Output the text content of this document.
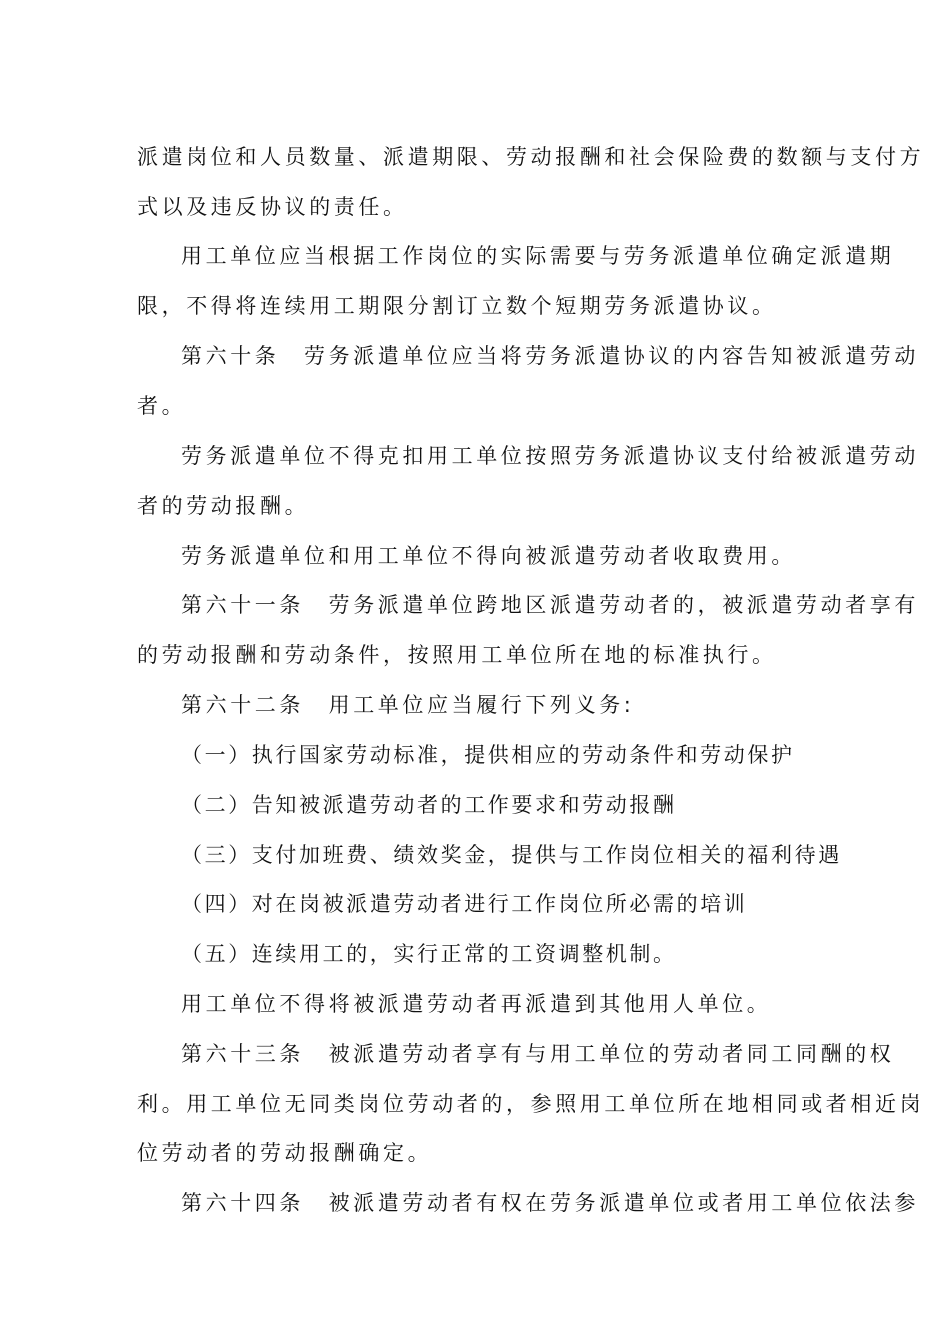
派遣岗位和人员数量、派遣期限、劳动报酬和社会保险费的数额与支付方
式以及违反协议的责任。
用工单位应当根据工作岗位的实际需要与劳务派遣单位确定派遣期
限，不得将连续用工期限分割订立数个短期劳务派遣协议。
第六十条　劳务派遣单位应当将劳务派遣协议的内容告知被派遣劳动
者。
劳务派遣单位不得克扣用工单位按照劳务派遣协议支付给被派遣劳动
者的劳动报酬。
劳务派遣单位和用工单位不得向被派遣劳动者收取费用。
第六十一条　劳务派遣单位跨地区派遣劳动者的，被派遣劳动者享有
的劳动报酬和劳动条件，按照用工单位所在地的标准执行。
第六十二条　用工单位应当履行下列义务:
（一）执行国家劳动标准，提供相应的劳动条件和劳动保护
（二）告知被派遣劳动者的工作要求和劳动报酬
（三）支付加班费、绩效奖金，提供与工作岗位相关的福利待遇
（四）对在岗被派遣劳动者进行工作岗位所必需的培训
（五）连续用工的，实行正常的工资调整机制。
用工单位不得将被派遣劳动者再派遣到其他用人单位。
第六十三条　被派遣劳动者享有与用工单位的劳动者同工同酬的权
利。用工单位无同类岗位劳动者的，参照用工单位所在地相同或者相近岗
位劳动者的劳动报酬确定。
第六十四条　被派遣劳动者有权在劳务派遣单位或者用工单位依法参
